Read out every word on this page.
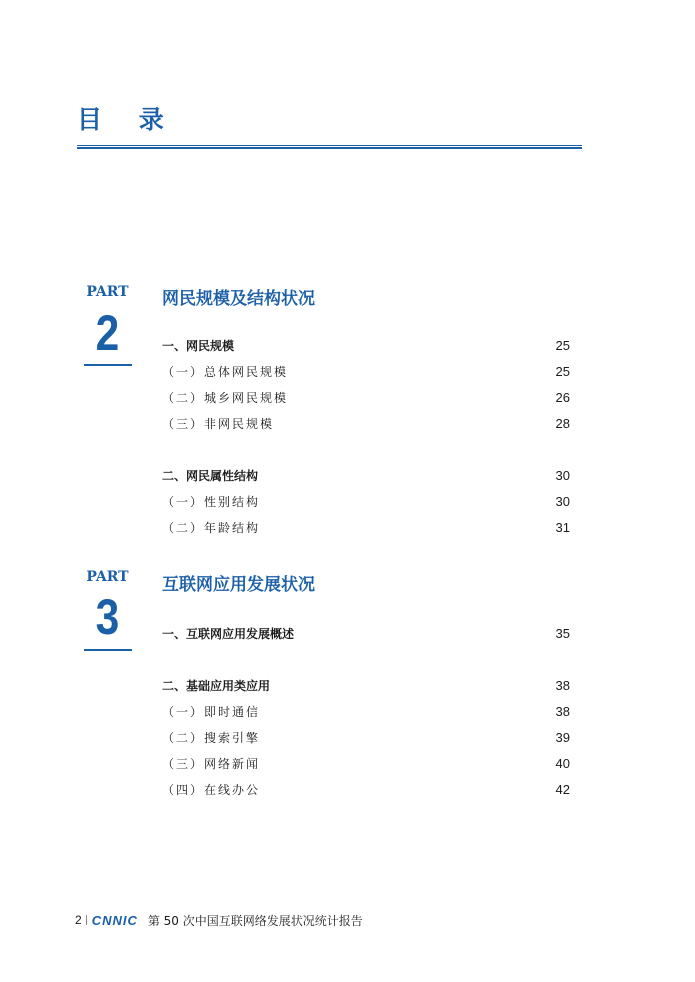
目 录
PART
2
网民规模及结构状况
一、网民规模	25
（一）总体网民规模	25
（二）城乡网民规模	26
（三）非网民规模	28
二、网民属性结构	30
（一）性别结构	30
（二）年龄结构	31
PART
3
互联网应用发展状况
一、互联网应用发展概述	35
二、基础应用类应用	38
（一）即时通信	38
（二）搜索引擎	39
（三）网络新闻	40
（四）在线办公	42
2 CNNIC 第 50 次中国互联网络发展状况统计报告
